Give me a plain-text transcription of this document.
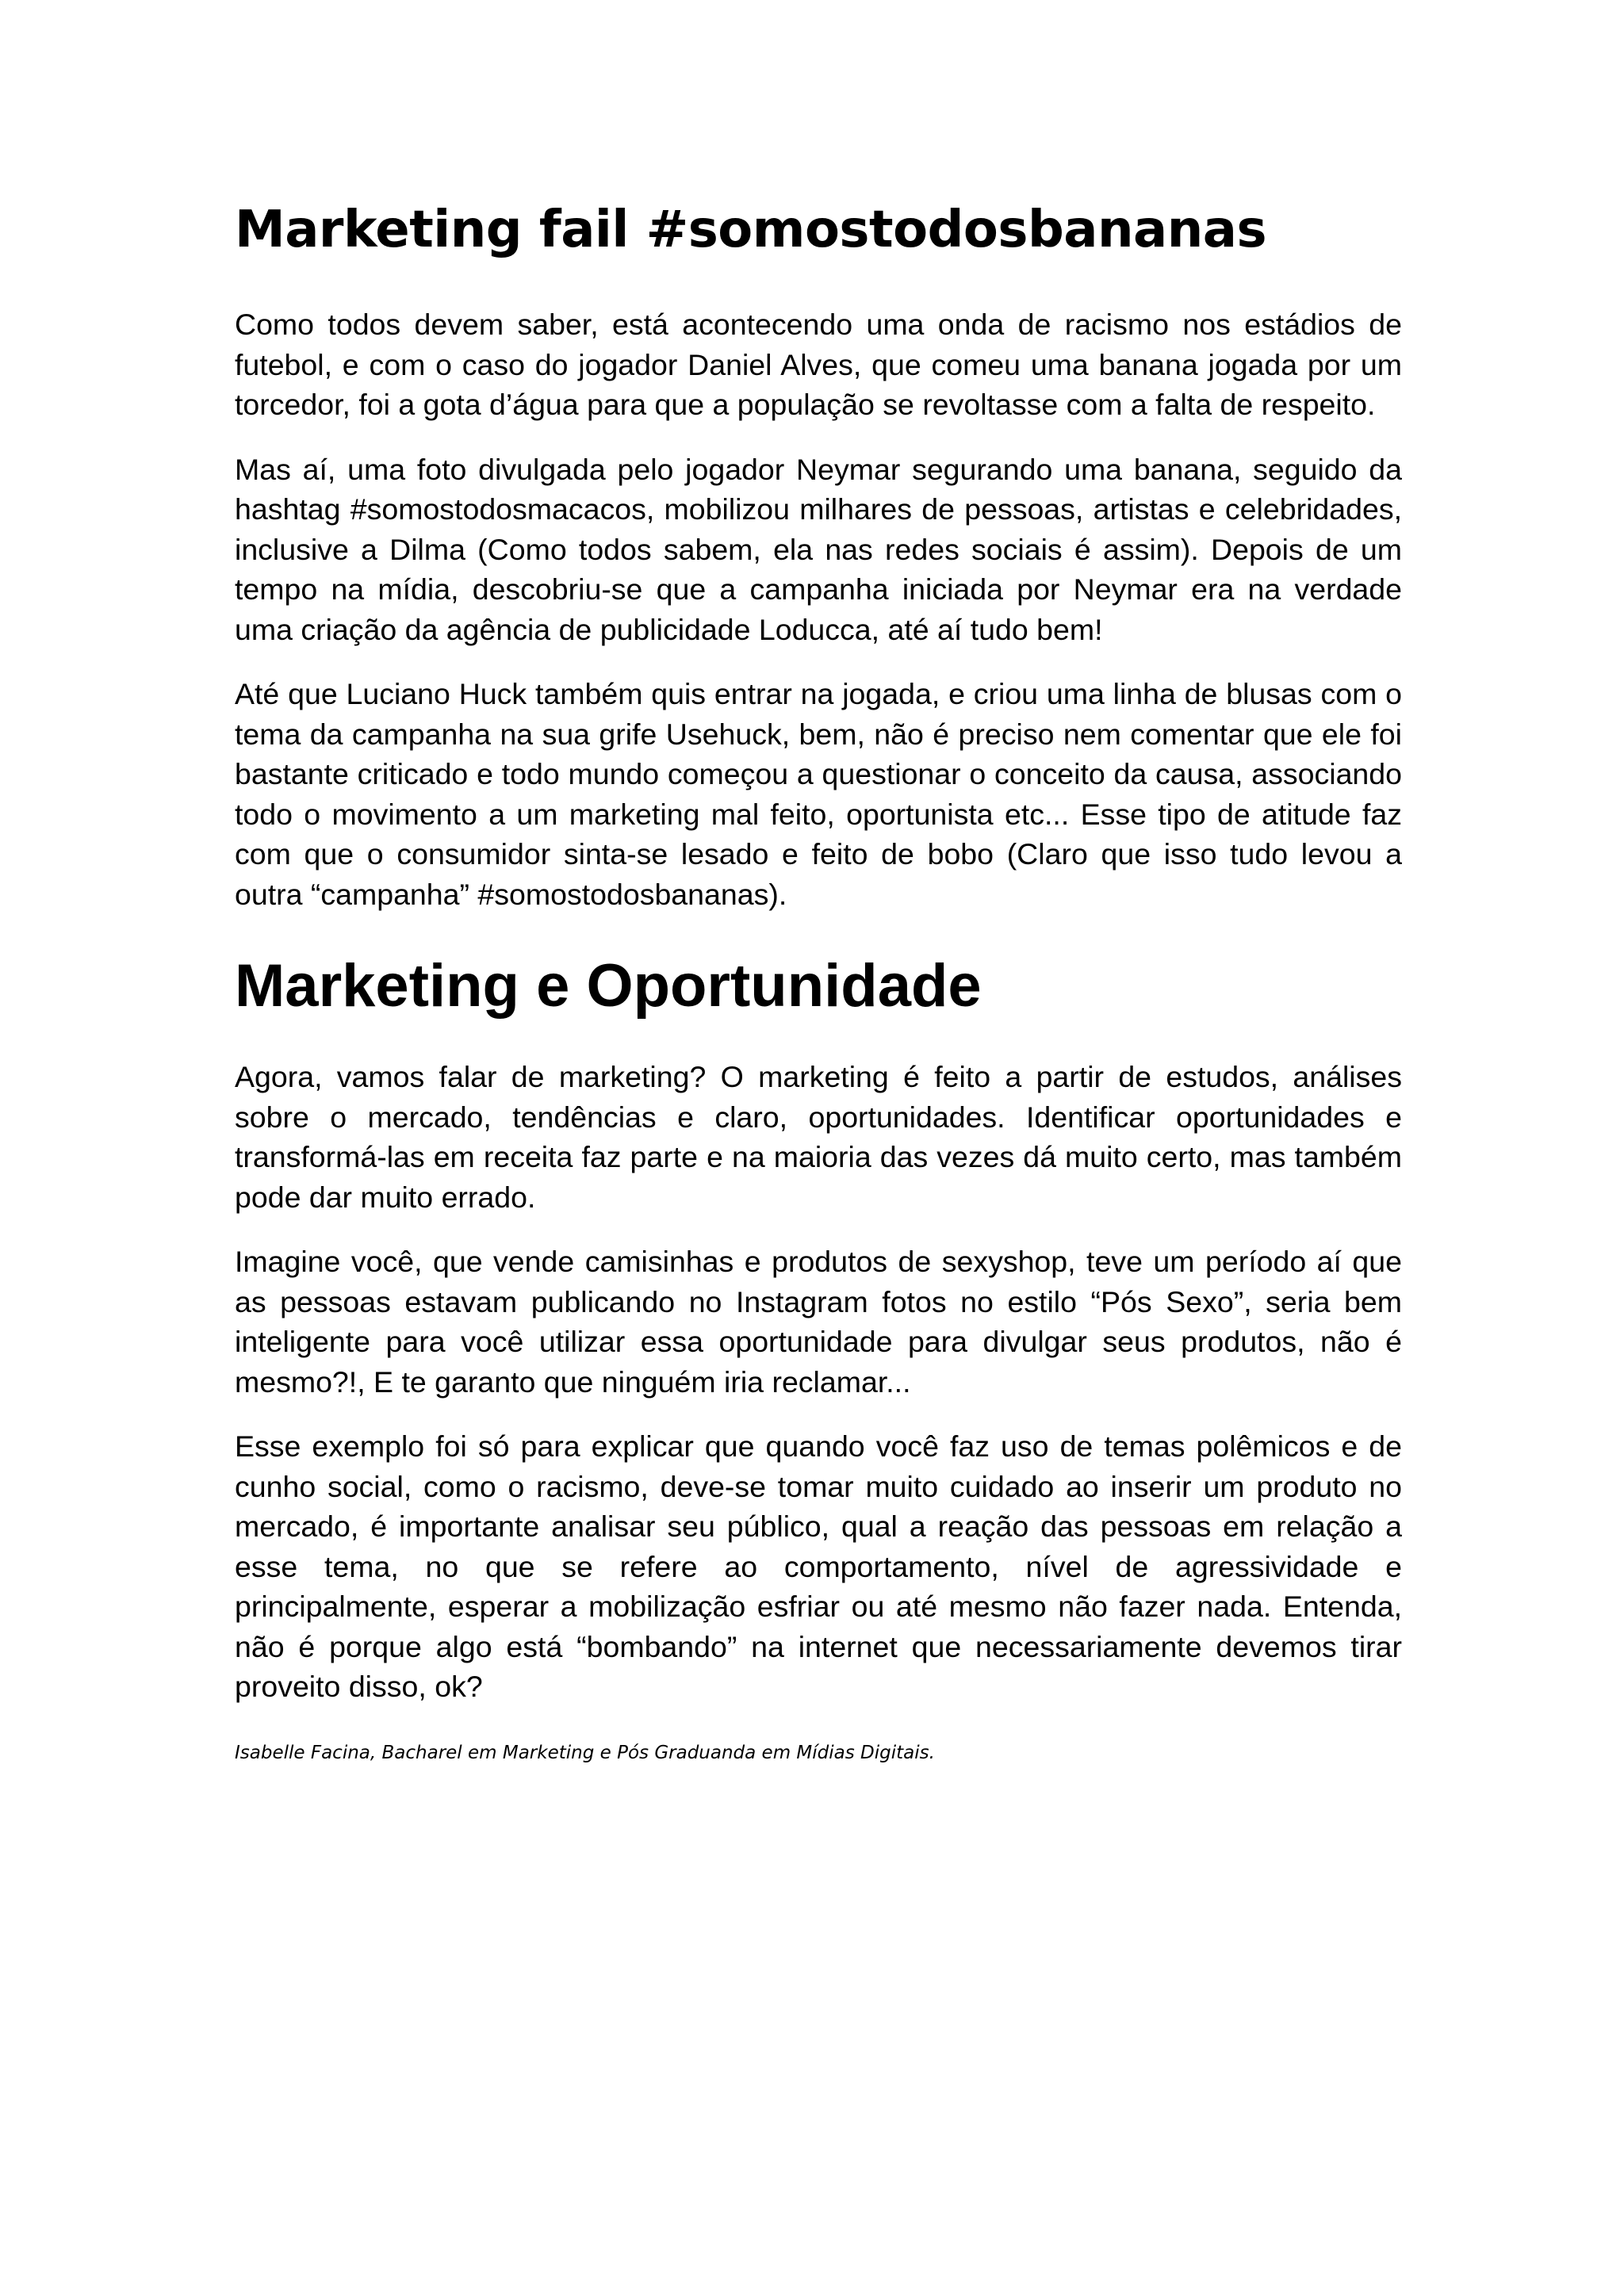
Marketing fail #somostodosbananas

Como todos devem saber, está acontecendo uma onda de racismo nos estádios de futebol, e com o caso do jogador Daniel Alves, que comeu uma banana jogada por um torcedor, foi a gota d’água para que a população se revoltasse com a falta de respeito.

Mas aí, uma foto divulgada pelo jogador Neymar segurando uma banana, seguido da hashtag #somostodosmacacos, mobilizou milhares de pessoas, artistas e celebridades, inclusive a Dilma (Como todos sabem, ela nas redes sociais é assim). Depois de um tempo na mídia, descobriu-se que a campanha iniciada por Neymar era na verdade uma criação da agência de publicidade Loducca, até aí tudo bem!

Até que Luciano Huck também quis entrar na jogada, e criou uma linha de blusas com o tema da campanha na sua grife Usehuck, bem, não é preciso nem comentar que ele foi bastante criticado e todo mundo começou a questionar o conceito da causa, associando todo o movimento a um marketing mal feito, oportunista etc... Esse tipo de atitude faz com que o consumidor sinta-se lesado e feito de bobo (Claro que isso tudo levou a outra “campanha” #somostodosbananas).

Marketing e Oportunidade

Agora, vamos falar de marketing? O marketing é feito a partir de estudos, análises sobre o mercado, tendências e claro, oportunidades. Identificar oportunidades e transformá-las em receita faz parte e na maioria das vezes dá muito certo, mas também pode dar muito errado.

Imagine você, que vende camisinhas e produtos de sexyshop, teve um período aí que as pessoas estavam publicando no Instagram fotos no estilo “Pós Sexo”, seria bem inteligente para você utilizar essa oportunidade para divulgar seus produtos, não é mesmo?!, E te garanto que ninguém iria reclamar...

Esse exemplo foi só para explicar que quando você faz uso de temas polêmicos e de cunho social, como o racismo, deve-se tomar muito cuidado ao inserir um produto no mercado, é importante analisar seu público, qual a reação das pessoas em relação a esse tema, no que se refere ao comportamento, nível de agressividade e principalmente, esperar a mobilização esfriar ou até mesmo não fazer nada. Entenda, não é porque algo está “bombando” na internet que necessariamente devemos tirar proveito disso, ok?

Isabelle Facina, Bacharel em Marketing e Pós Graduanda em Mídias Digitais.
